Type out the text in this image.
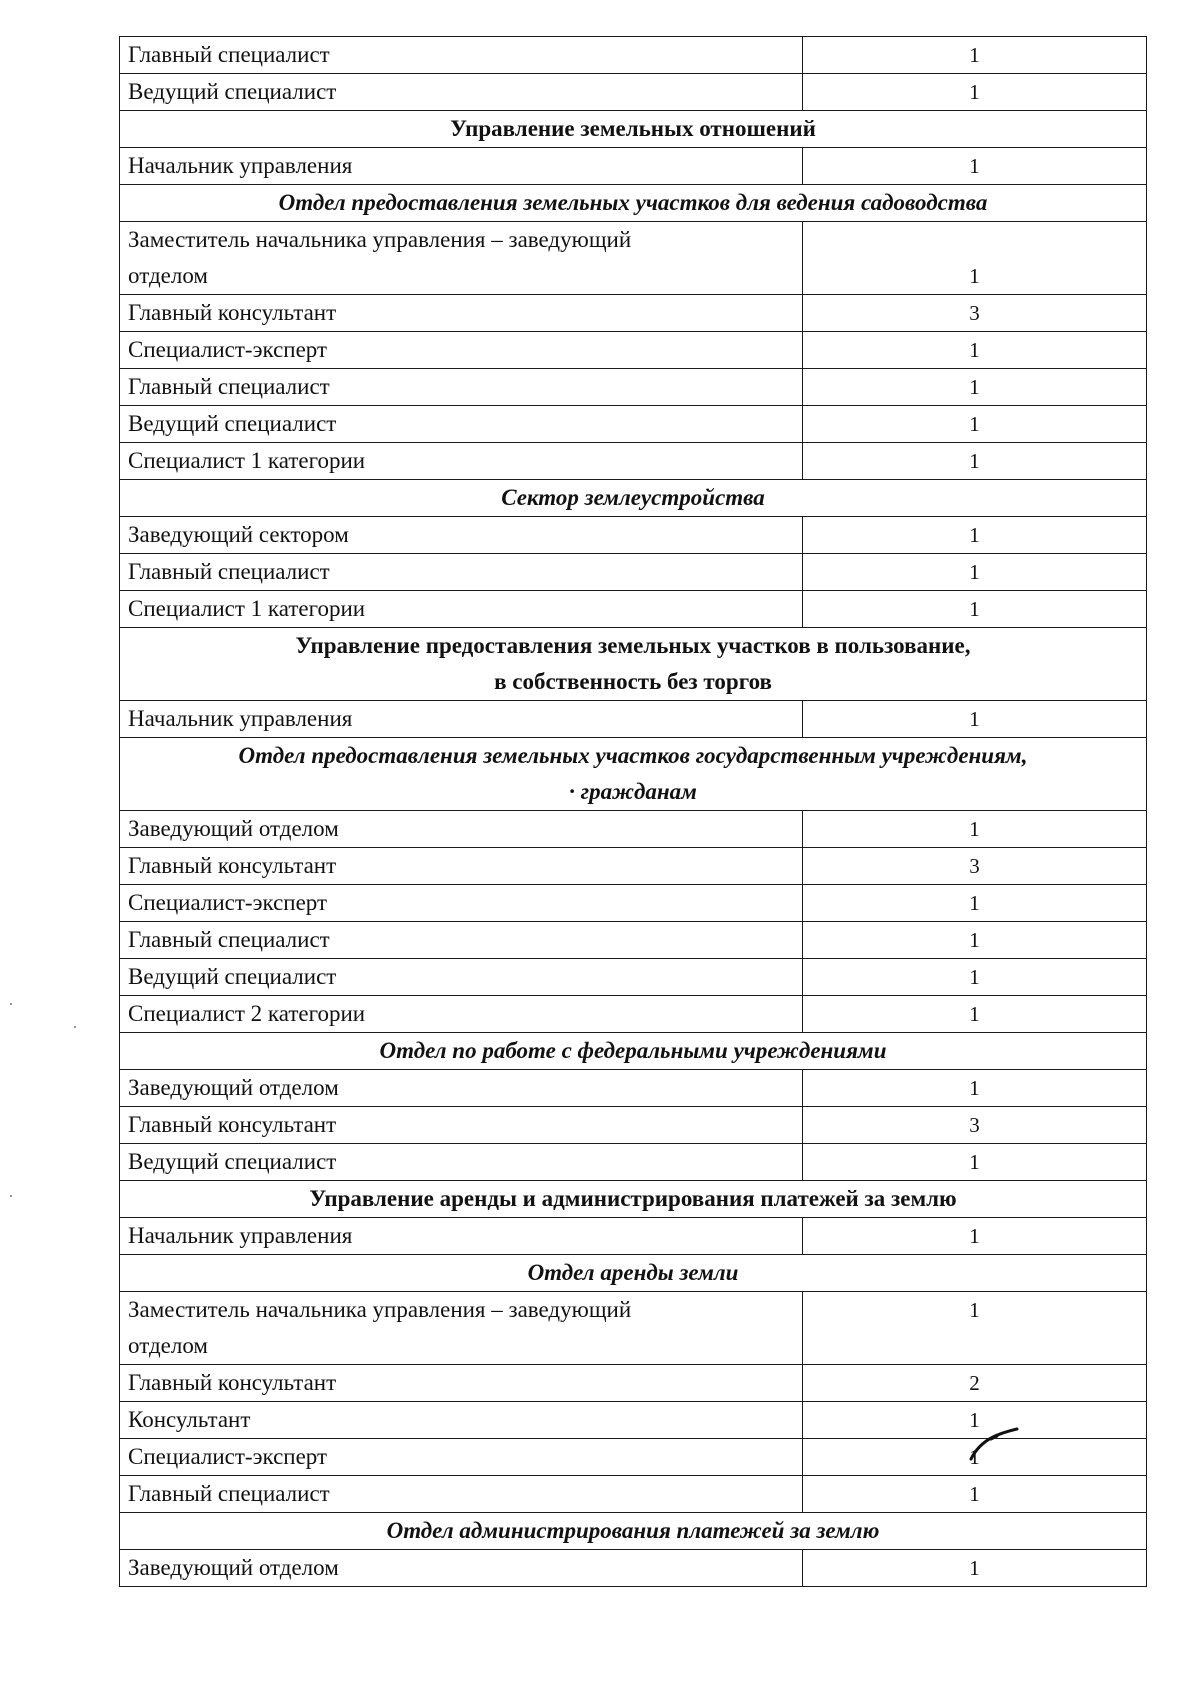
Главный специалист	1
Ведущий специалист	1

Управление земельных отношений	

Начальник управления	1

Отдел предоставления земельных участков для ведения садоводства	

Заместитель начальника управления – заведующий
отделом	1
Главный консультант	3
Специалист-эксперт	1
Главный специалист	1
Ведущий специалист	1
Специалист 1 категории	1

Сектор землеустройства	

Заведующий сектором	1
Главный специалист	1
Специалист 1 категории	1

Управление предоставления земельных участков в пользование,
в собственность без торгов	

Начальник управления	1

Отдел предоставления земельных участков государственным учреждениям,
· гражданам	

Заведующий отделом	1
Главный консультант	3
Специалист-эксперт	1
Главный специалист	1
Ведущий специалист	1
Специалист 2 категории	1

Отдел по работе с федеральными учреждениями	

Заведующий отделом	1
Главный консультант	3
Ведущий специалист	1

Управление аренды и администрирования платежей за землю	

Начальник управления	1

Отдел аренды земли	

Заместитель начальника управления – заведующий
отделом	1
Главный консультант	2
Консультант	1
Специалист-эксперт	1

Главный специалист	1

Отдел администрирования платежей за землю	

Заведующий отделом	1
